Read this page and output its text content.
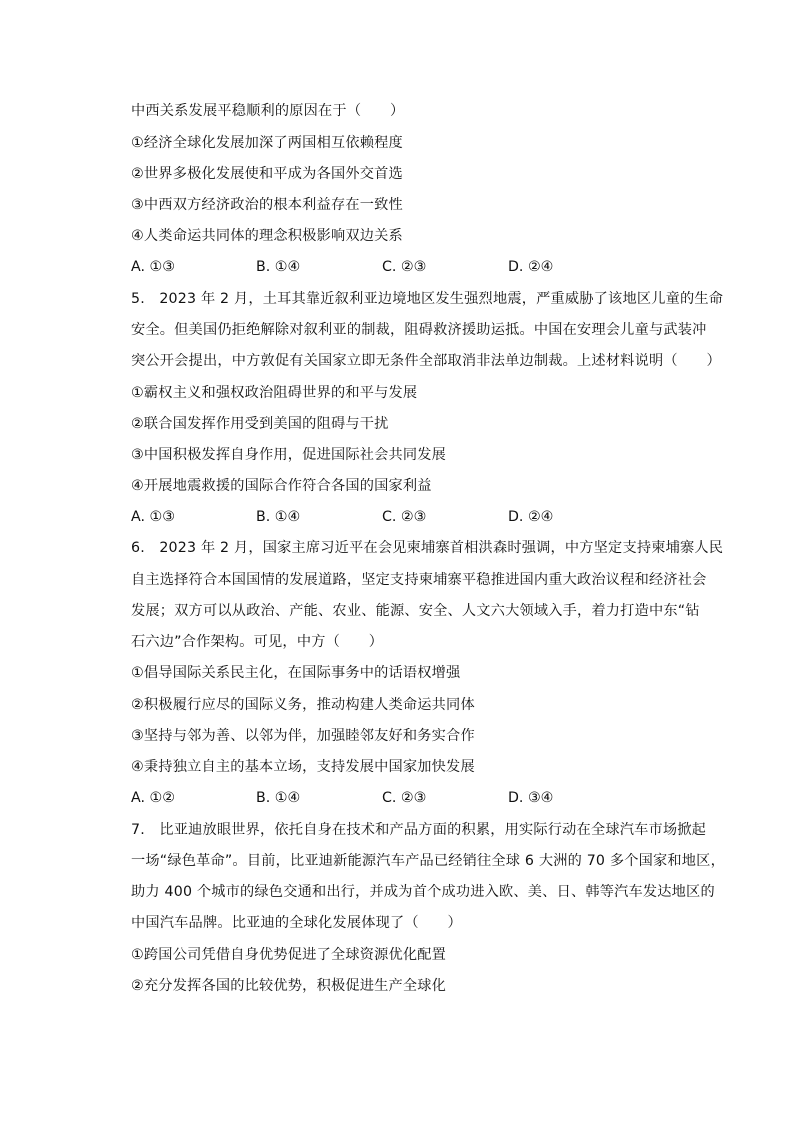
中西关系发展平稳顺利的原因在于（　　）
①经济全球化发展加深了两国相互依赖程度
②世界多极化发展使和平成为各国外交首选
③中西双方经济政治的根本利益存在一致性
④人类命运共同体的理念积极影响双边关系
A. ①③	B. ①④	C. ②③	D. ②④
5.　2023 年 2 月，土耳其靠近叙利亚边境地区发生强烈地震，严重威胁了该地区儿童的生命
安全。但美国仍拒绝解除对叙利亚的制裁，阻碍救济援助运抵。中国在安理会儿童与武装冲
突公开会提出，中方敦促有关国家立即无条件全部取消非法单边制裁。上述材料说明（　　）
①霸权主义和强权政治阻碍世界的和平与发展
②联合国发挥作用受到美国的阻碍与干扰
③中国积极发挥自身作用，促进国际社会共同发展
④开展地震救援的国际合作符合各国的国家利益
A. ①③	B. ①④	C. ②③	D. ②④
6.　2023 年 2 月，国家主席习近平在会见柬埔寨首相洪森时强调，中方坚定支持柬埔寨人民
自主选择符合本国国情的发展道路，坚定支持柬埔寨平稳推进国内重大政治议程和经济社会
发展；双方可以从政治、产能、农业、能源、安全、人文六大领域入手，着力打造中东“钻
石六边”合作架构。可见，中方（　　）
①倡导国际关系民主化，在国际事务中的话语权增强
②积极履行应尽的国际义务，推动构建人类命运共同体
③坚持与邻为善、以邻为伴，加强睦邻友好和务实合作
④秉持独立自主的基本立场，支持发展中国家加快发展
A. ①②	B. ①④	C. ②③	D. ③④
7.　比亚迪放眼世界，依托自身在技术和产品方面的积累，用实际行动在全球汽车市场掀起
一场“绿色革命”。目前，比亚迪新能源汽车产品已经销往全球 6 大洲的 70 多个国家和地区，
助力 400 个城市的绿色交通和出行，并成为首个成功进入欧、美、日、韩等汽车发达地区的
中国汽车品牌。比亚迪的全球化发展体现了（　　）
①跨国公司凭借自身优势促进了全球资源优化配置
②充分发挥各国的比较优势，积极促进生产全球化
